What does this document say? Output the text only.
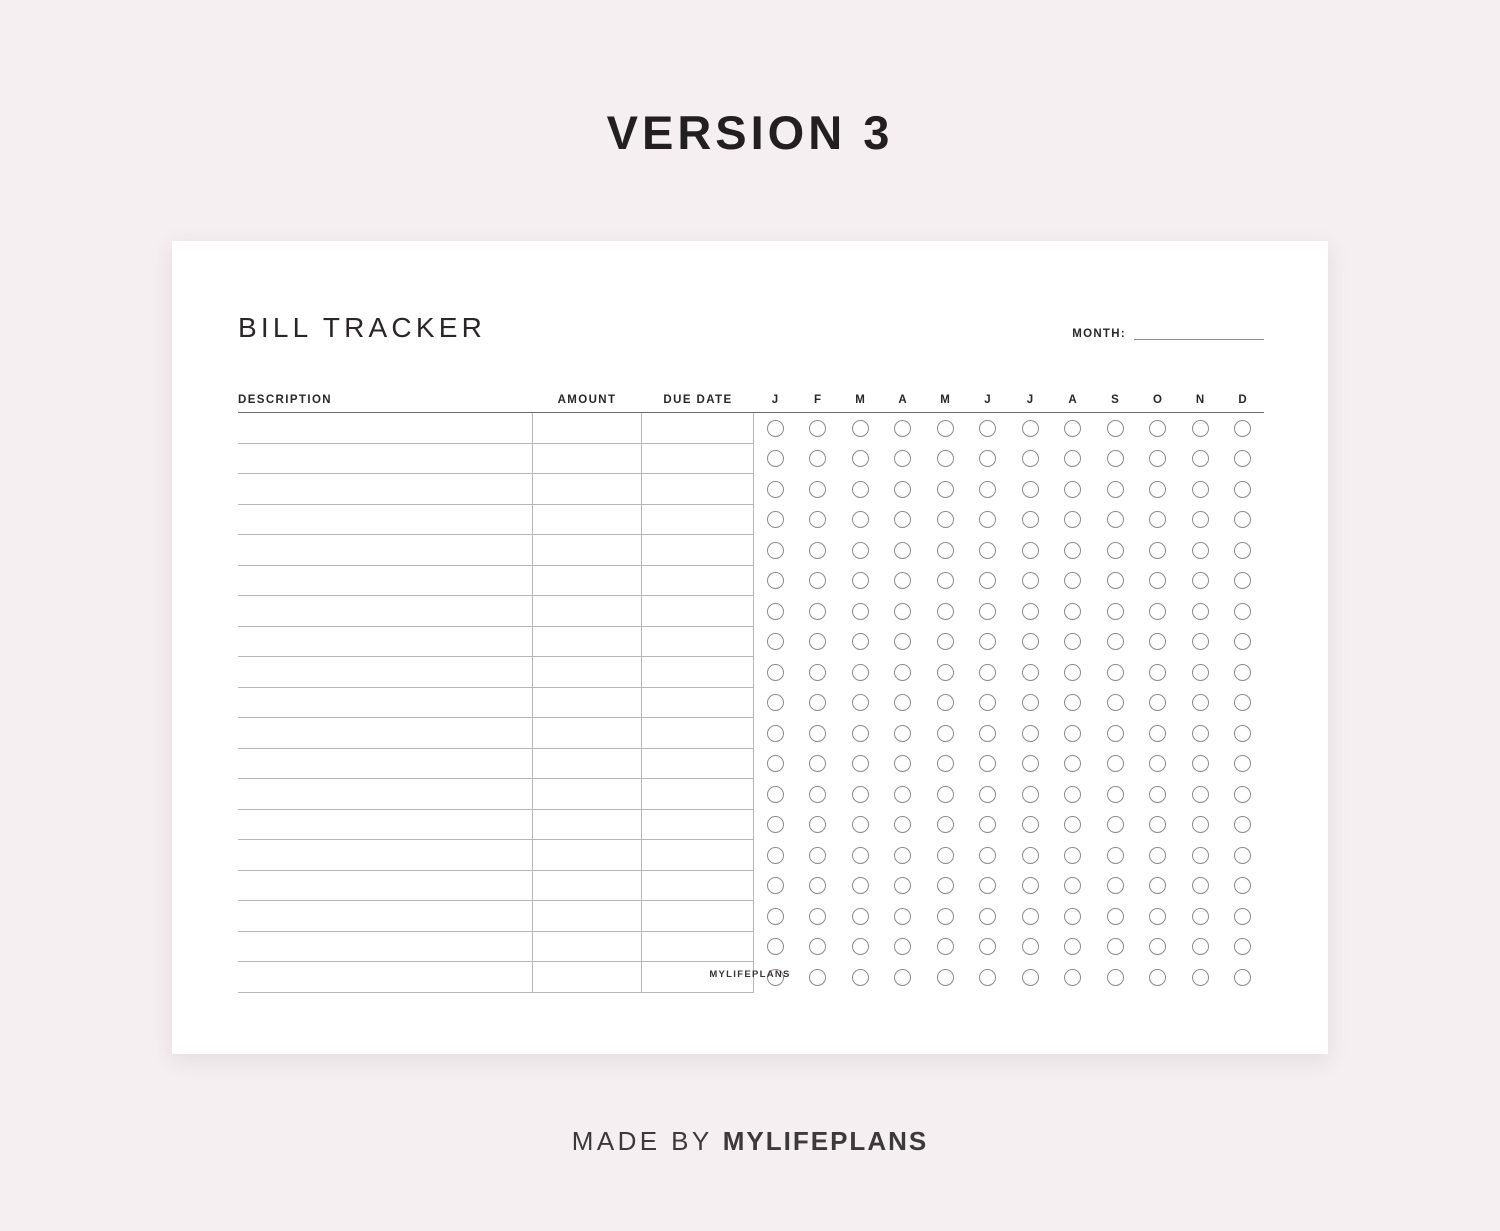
VERSION 3
BILL TRACKER	MONTH:
DESCRIPTION	AMOUNT	DUE DATE	J	F	M	A	M	J	J	A	S	O	N	D
MYLIFEPLANS
MADE BY MYLIFEPLANS
